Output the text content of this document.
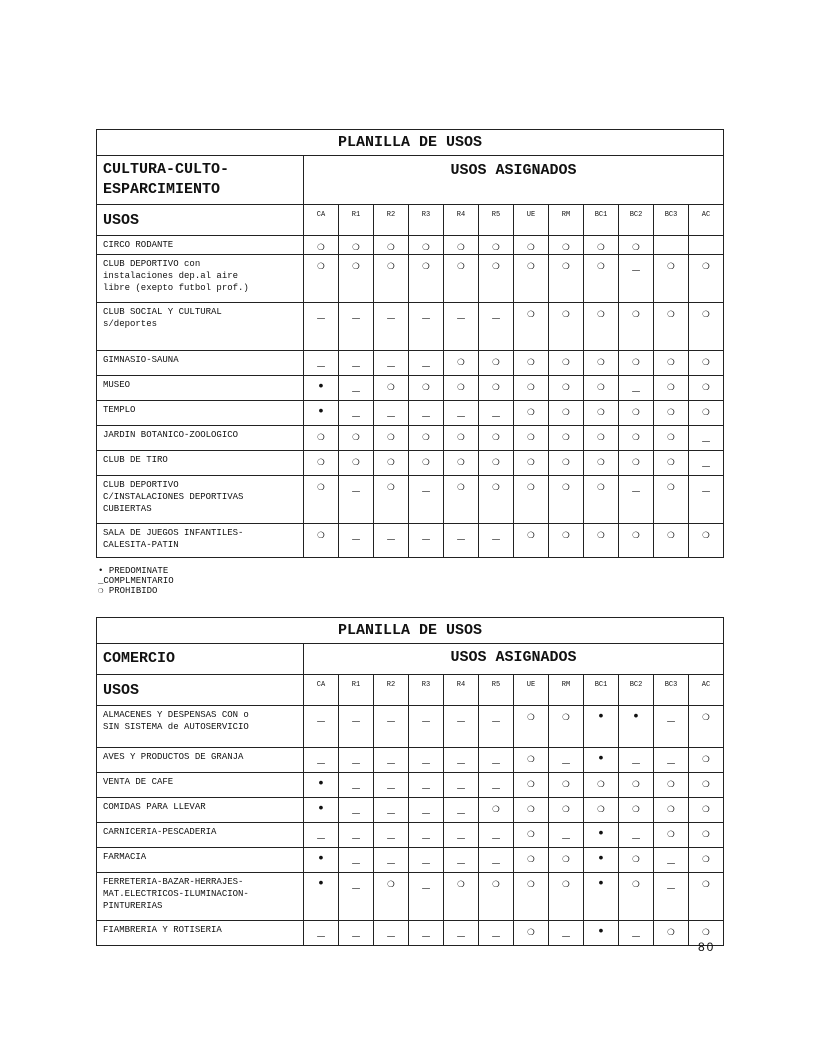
PLANILLA DE USOS												

CULTURA-CULTO-
ESPARCIMIENTO	USOS ASIGNADOS											
USOS	CA	R1	R2	R3	R4	R5	UE	RM	BC1	BC2	BC3	AC

CIRCO RODANTE	❍	❍	❍	❍	❍	❍	❍	❍	❍	❍		

CLUB DEPORTIVO con
instalaciones dep.al aire
libre (exepto futbol prof.)	❍	❍	❍	❍	❍	❍	❍	❍	❍	_	❍	❍

CLUB SOCIAL Y CULTURAL
s/deportes	_	_	_	_	_	_	❍	❍	❍	❍	❍	❍

GIMNASIO-SAUNA	_	_	_	_	❍	❍	❍	❍	❍	❍	❍	❍

MUSEO	•	_	❍	❍	❍	❍	❍	❍	❍	_	❍	❍

TEMPLO	•	_	_	_	_	_	❍	❍	❍	❍	❍	❍

JARDIN BOTANICO-ZOOLOGICO	❍	❍	❍	❍	❍	❍	❍	❍	❍	❍	❍	_

CLUB DE TIRO	❍	❍	❍	❍	❍	❍	❍	❍	❍	❍	❍	_

CLUB DEPORTIVO
C/INSTALACIONES DEPORTIVAS
CUBIERTAS	❍	_	❍	_	❍	❍	❍	❍	❍	_	❍	_

SALA DE JUEGOS INFANTILES-
CALESITA-PATIN	❍	_	_	_	_	_	❍	❍	❍	❍	❍	❍
• PREDOMINATE
_COMPLMENTARIO
❍ PROHIBIDO
PLANILLA DE USOS												

COMERCIO	USOS ASIGNADOS											
USOS	CA	R1	R2	R3	R4	R5	UE	RM	BC1	BC2	BC3	AC

ALMACENES Y DESPENSAS CON o
SIN SISTEMA de AUTOSERVICIO	_	_	_	_	_	_	❍	❍	•	•	_	❍

AVES Y PRODUCTOS DE GRANJA	_	_	_	_	_	_	❍	_	•	_	_	❍

VENTA DE CAFE	•	_	_	_	_	_	❍	❍	❍	❍	❍	❍

COMIDAS PARA LLEVAR	•	_	_	_	_	❍	❍	❍	❍	❍	❍	❍

CARNICERIA-PESCADERIA	_	_	_	_	_	_	❍	_	•	_	❍	❍

FARMACIA	•	_	_	_	_	_	❍	❍	•	❍	_	❍

FERRETERIA-BAZAR-HERRAJES-
MAT.ELECTRICOS-ILUMINACION-
PINTURERIAS	•	_	❍	_	❍	❍	❍	❍	•	❍	_	❍

FIAMBRERIA Y ROTISERIA	_	_	_	_	_	_	❍	_	•	_	❍	❍
80
